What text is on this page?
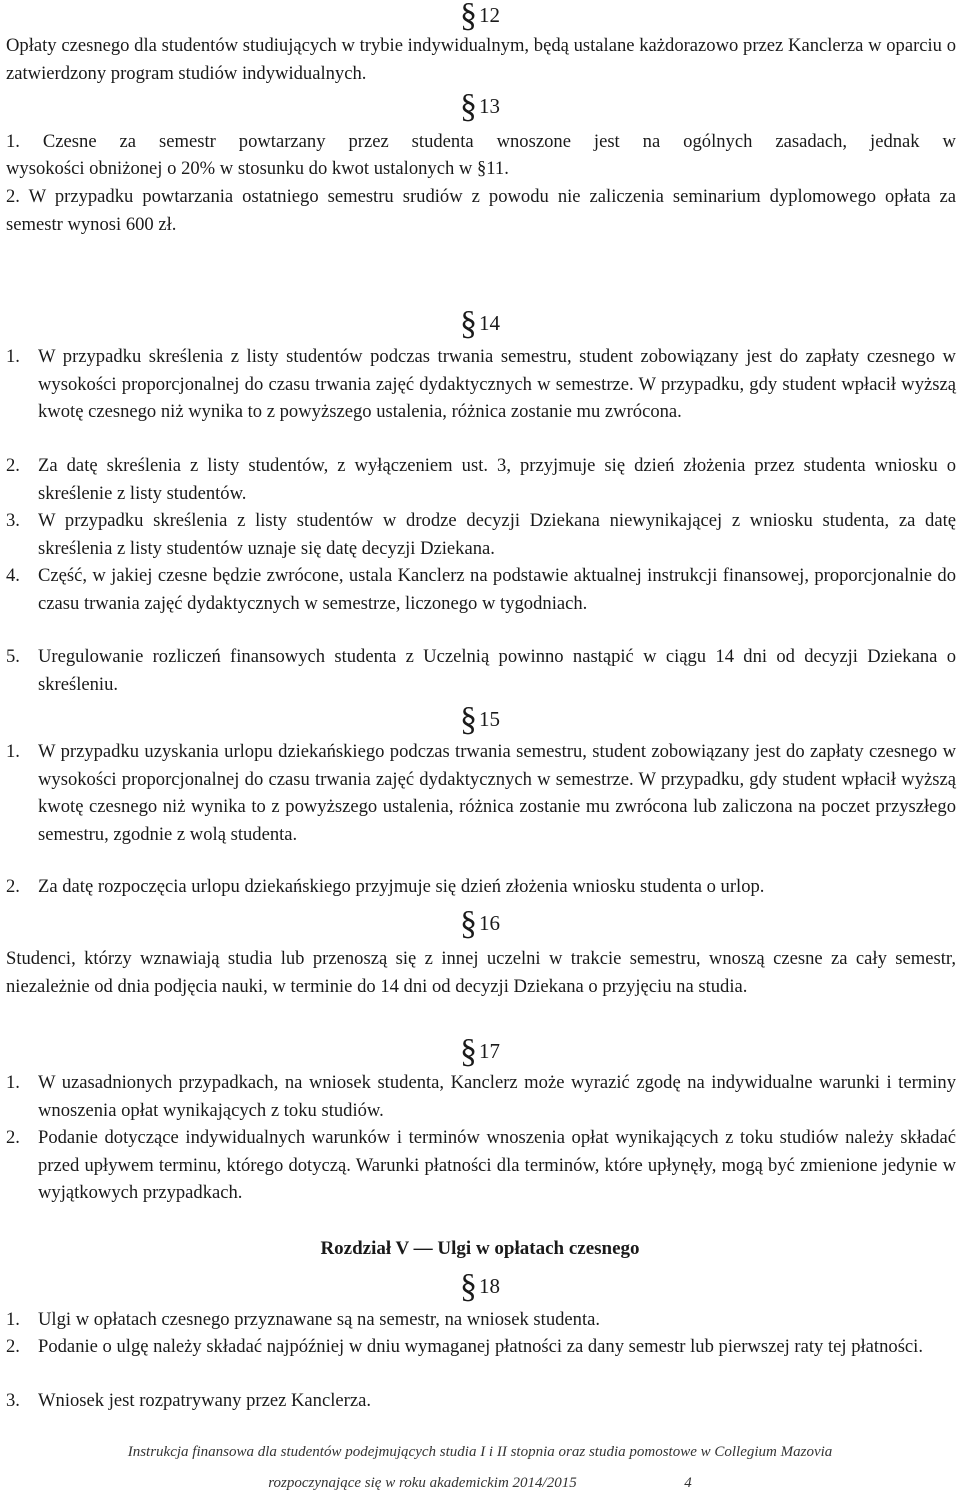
§12
Opłaty czesnego dla studentów studiujących w trybie indywidualnym, będą ustalane każdorazowo przez Kanclerza w oparciu o zatwierdzony program studiów indywidualnych.
§13
1. Czesne za semestr powtarzany przez studenta wnoszone jest na ogólnych zasadach, jednak w
wysokości obniżonej o 20% w stosunku do kwot ustalonych w §11.
2. W przypadku powtarzania ostatniego semestru srudiów z powodu nie zaliczenia seminarium dyplomowego opłata za semestr wynosi 600 zł.
§14
1. W przypadku skreślenia z listy studentów podczas trwania semestru, student zobowiązany jest do zapłaty czesnego w wysokości proporcjonalnej do czasu trwania zajęć dydaktycznych w semestrze. W przypadku, gdy student wpłacił wyższą kwotę czesnego niż wynika to z powyższego ustalenia, różnica zostanie mu zwrócona.
2. Za datę skreślenia z listy studentów, z wyłączeniem ust. 3, przyjmuje się dzień złożenia przez studenta wniosku o skreślenie z listy studentów.
3. W przypadku skreślenia z listy studentów w drodze decyzji Dziekana niewynikającej z wniosku studenta, za datę skreślenia z listy studentów uznaje się datę decyzji Dziekana.
4. Część, w jakiej czesne będzie zwrócone, ustala Kanclerz na podstawie aktualnej instrukcji finansowej, proporcjonalnie do czasu trwania zajęć dydaktycznych w semestrze, liczonego w tygodniach.
5. Uregulowanie rozliczeń finansowych studenta z Uczelnią powinno nastąpić w ciągu 14 dni od decyzji Dziekana o skreśleniu.
§15
1. W przypadku uzyskania urlopu dziekańskiego podczas trwania semestru, student zobowiązany jest do zapłaty czesnego w wysokości proporcjonalnej do czasu trwania zajęć dydaktycznych w semestrze. W przypadku, gdy student wpłacił wyższą kwotę czesnego niż wynika to z powyższego ustalenia, różnica zostanie mu zwrócona lub zaliczona na poczet przyszłego semestru, zgodnie z wolą studenta.
2. Za datę rozpoczęcia urlopu dziekańskiego przyjmuje się dzień złożenia wniosku studenta o urlop.
§16
Studenci, którzy wznawiają studia lub przenoszą się z innej uczelni w trakcie semestru, wnoszą czesne za cały semestr, niezależnie od dnia podjęcia nauki, w terminie do 14 dni od decyzji Dziekana o przyjęciu na studia.
§17
1. W uzasadnionych przypadkach, na wniosek studenta, Kanclerz może wyrazić zgodę na indywidualne warunki i terminy wnoszenia opłat wynikających z toku studiów.
2. Podanie dotyczące indywidualnych warunków i terminów wnoszenia opłat wynikających z toku studiów należy składać przed upływem terminu, którego dotyczą. Warunki płatności dla terminów, które upłynęły, mogą być zmienione jedynie w wyjątkowych przypadkach.
Rozdział V — Ulgi w opłatach czesnego
§18
1. Ulgi w opłatach czesnego przyznawane są na semestr, na wniosek studenta.
2. Podanie o ulgę należy składać najpóźniej w dniu wymaganej płatności za dany semestr lub pierwszej raty tej płatności.
3. Wniosek jest rozpatrywany przez Kanclerza.
Instrukcja finansowa dla studentów podejmujących studia I i II stopnia oraz studia pomostowe w Collegium Mazovia
rozpoczynające się w roku akademickim 2014/2015	4
